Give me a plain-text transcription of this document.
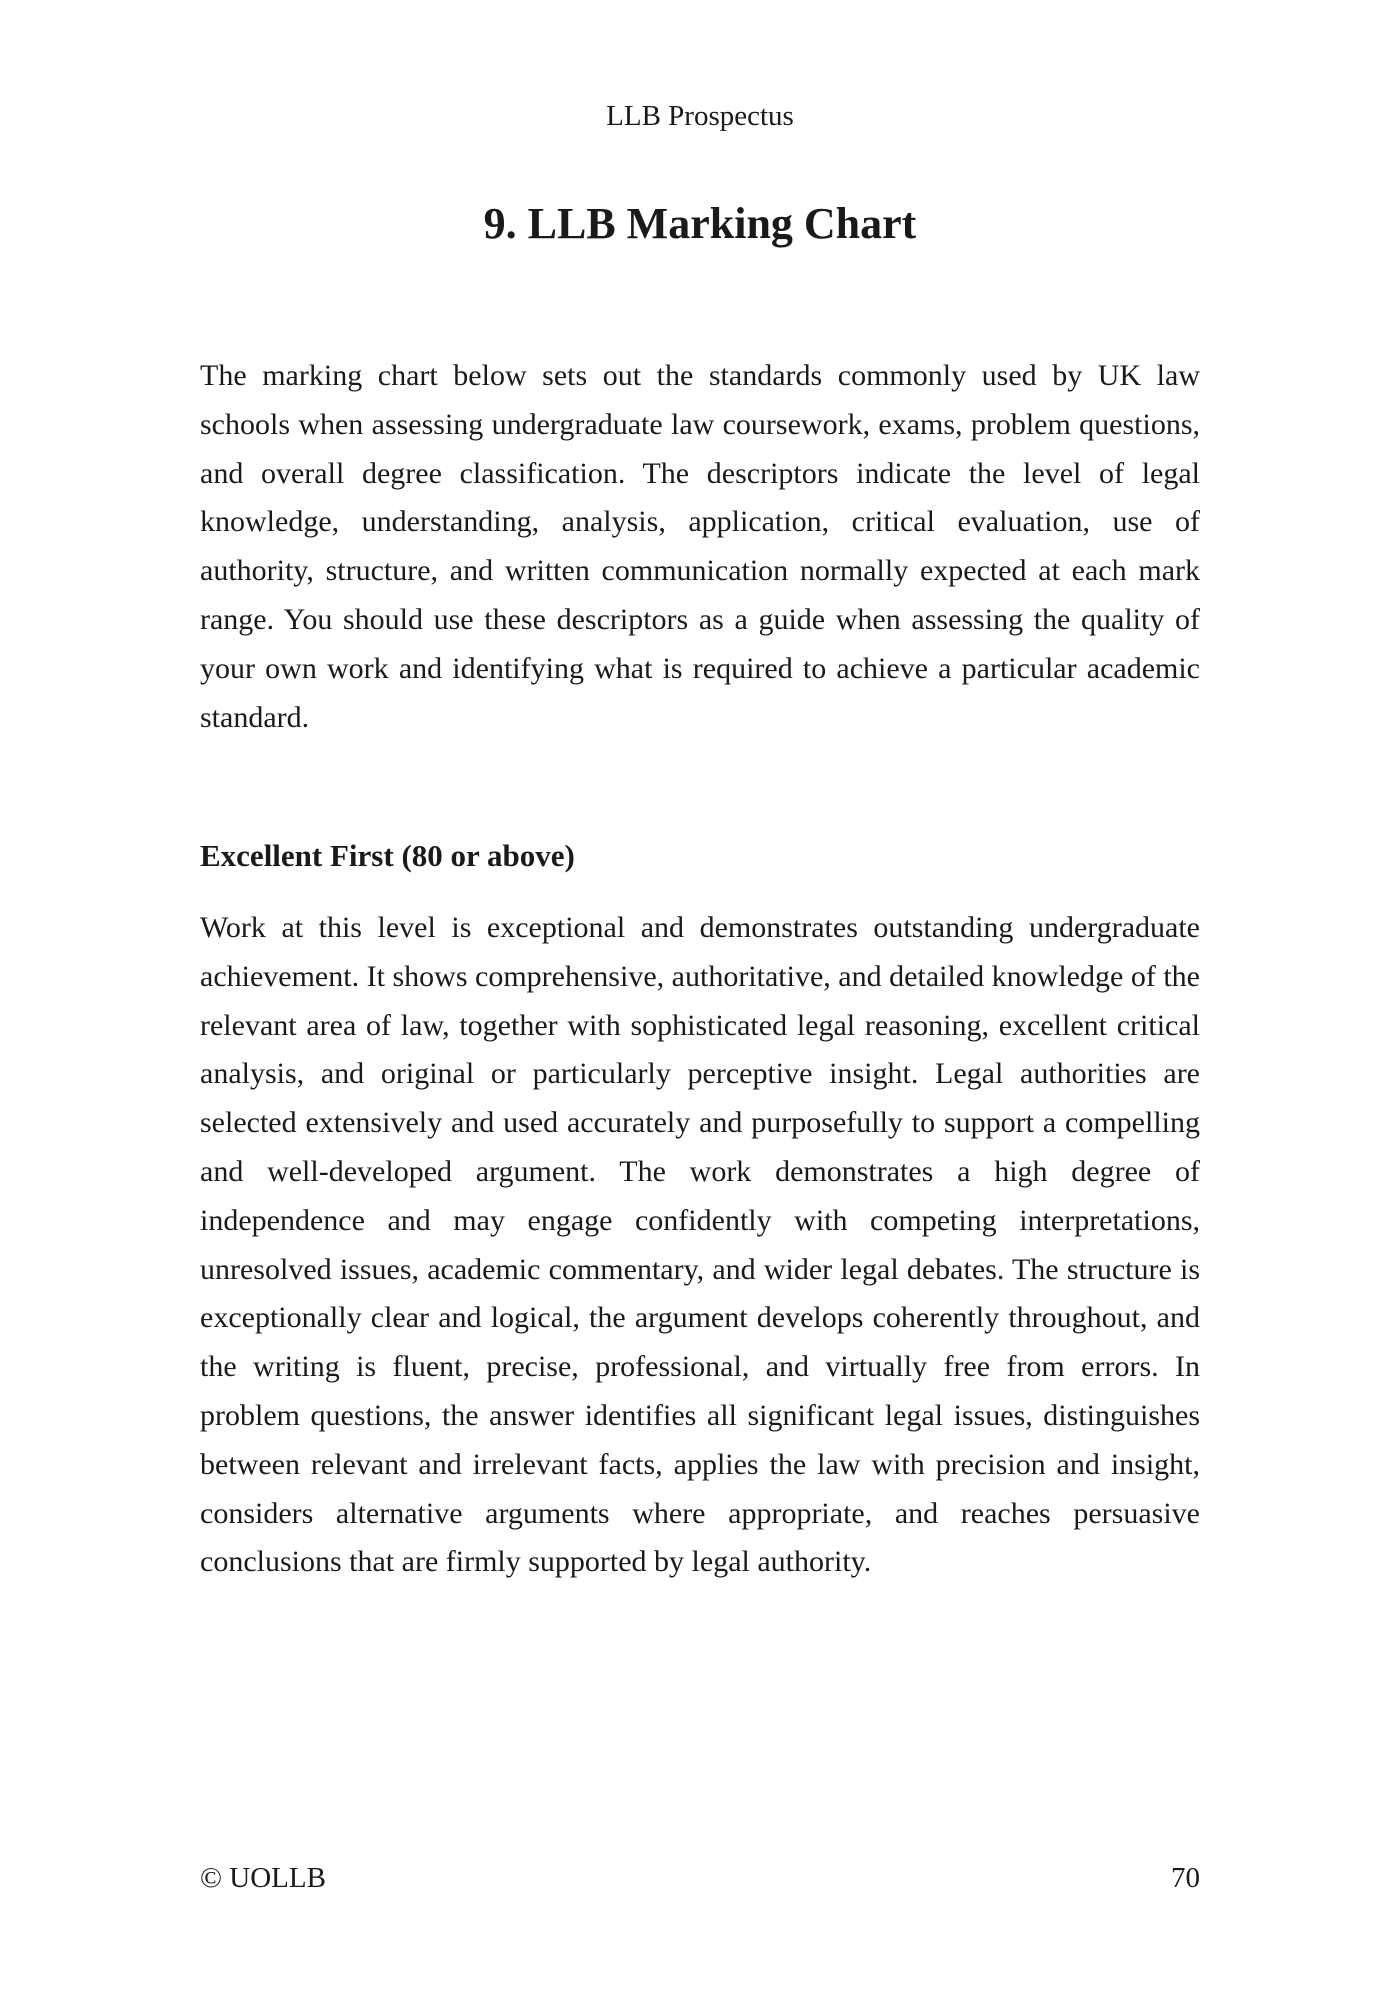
LLB Prospectus
9. LLB Marking Chart

The marking chart below sets out the standards commonly used by UK law schools when assessing undergraduate law coursework, exams, problem questions, and overall degree classification. The descriptors indicate the level of legal knowledge, understanding, analysis, application, critical evaluation, use of authority, structure, and written communication normally expected at each mark range. You should use these descriptors as a guide when assessing the quality of your own work and identifying what is required to achieve a particular academic standard.

Excellent First (80 or above)

Work at this level is exceptional and demonstrates outstanding undergraduate achievement. It shows comprehensive, authoritative, and detailed knowledge of the relevant area of law, together with sophisticated legal reasoning, excellent critical analysis, and original or particularly perceptive insight. Legal authorities are selected extensively and used accurately and purposefully to support a compelling and well-developed argument. The work demonstrates a high degree of independence and may engage confidently with competing interpretations, unresolved issues, academic commentary, and wider legal debates. The structure is exceptionally clear and logical, the argument develops coherently throughout, and the writing is fluent, precise, professional, and virtually free from errors. In problem questions, the answer identifies all significant legal issues, distinguishes between relevant and irrelevant facts, applies the law with precision and insight, considers alternative arguments where appropriate, and reaches persuasive conclusions that are firmly supported by legal authority.

© UOLLB	70
